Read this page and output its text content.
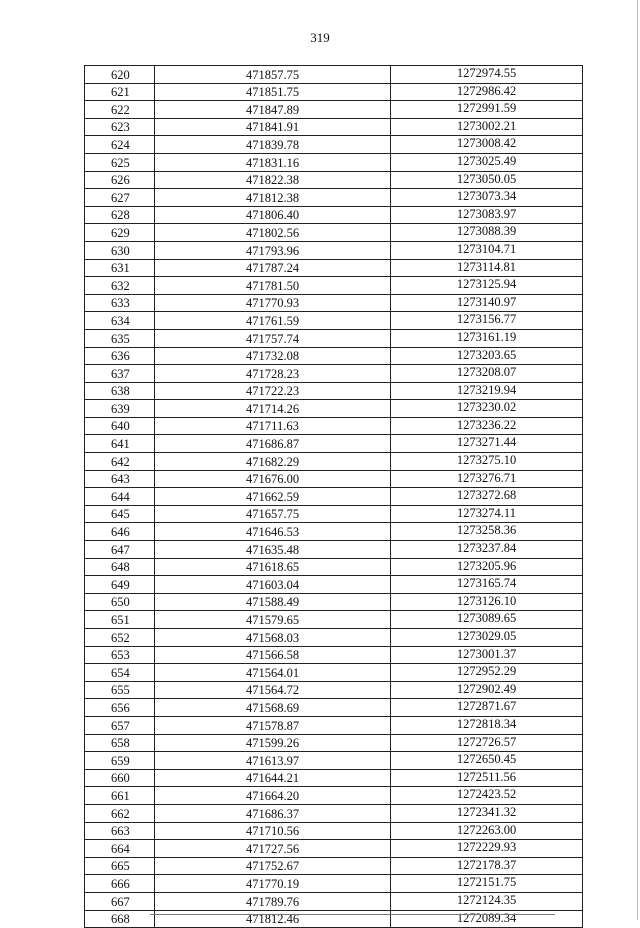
319
620	471857.75	1272974.55
621	471851.75	1272986.42
622	471847.89	1272991.59
623	471841.91	1273002.21
624	471839.78	1273008.42
625	471831.16	1273025.49
626	471822.38	1273050.05
627	471812.38	1273073.34
628	471806.40	1273083.97
629	471802.56	1273088.39
630	471793.96	1273104.71
631	471787.24	1273114.81
632	471781.50	1273125.94
633	471770.93	1273140.97
634	471761.59	1273156.77
635	471757.74	1273161.19
636	471732.08	1273203.65
637	471728.23	1273208.07
638	471722.23	1273219.94
639	471714.26	1273230.02
640	471711.63	1273236.22
641	471686.87	1273271.44
642	471682.29	1273275.10
643	471676.00	1273276.71
644	471662.59	1273272.68
645	471657.75	1273274.11
646	471646.53	1273258.36
647	471635.48	1273237.84
648	471618.65	1273205.96
649	471603.04	1273165.74
650	471588.49	1273126.10
651	471579.65	1273089.65
652	471568.03	1273029.05
653	471566.58	1273001.37
654	471564.01	1272952.29
655	471564.72	1272902.49
656	471568.69	1272871.67
657	471578.87	1272818.34
658	471599.26	1272726.57
659	471613.97	1272650.45
660	471644.21	1272511.56
661	471664.20	1272423.52
662	471686.37	1272341.32
663	471710.56	1272263.00
664	471727.56	1272229.93
665	471752.67	1272178.37
666	471770.19	1272151.75
667	471789.76	1272124.35
668	471812.46	1272089.34
